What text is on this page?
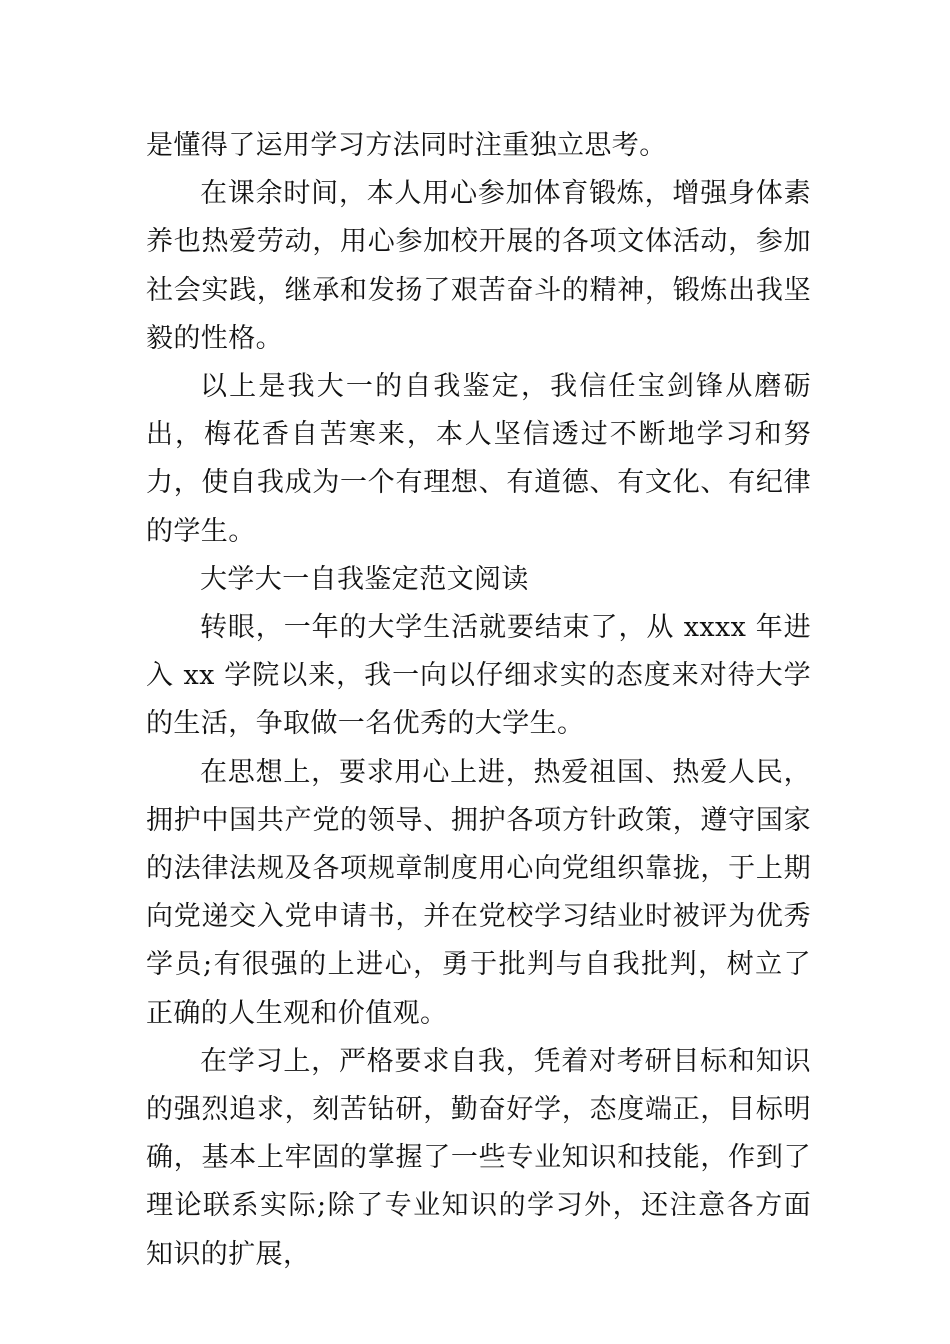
是懂得了运用学习方法同时注重独立思考。

在课余时间，本人用心参加体育锻炼，增强身体素养也热爱劳动，用心参加校开展的各项文体活动，参加社会实践，继承和发扬了艰苦奋斗的精神，锻炼出我坚毅的性格。

以上是我大一的自我鉴定，我信任宝剑锋从磨砺出，梅花香自苦寒来，本人坚信透过不断地学习和努力，使自我成为一个有理想、有道德、有文化、有纪律的学生。

大学大一自我鉴定范文阅读

转眼，一年的大学生活就要结束了，从 xxxx 年进入 xx 学院以来，我一向以仔细求实的态度来对待大学的生活，争取做一名优秀的大学生。

在思想上，要求用心上进，热爱祖国、热爱人民，拥护中国共产党的领导、拥护各项方针政策，遵守国家的法律法规及各项规章制度用心向党组织靠拢，于上期向党递交入党申请书，并在党校学习结业时被评为优秀学员;有很强的上进心，勇于批判与自我批判，树立了正确的人生观和价值观。

在学习上，严格要求自我，凭着对考研目标和知识的强烈追求，刻苦钻研，勤奋好学，态度端正，目标明确，基本上牢固的掌握了一些专业知识和技能，作到了理论联系实际;除了专业知识的学习外，还注意各方面知识的扩展，
